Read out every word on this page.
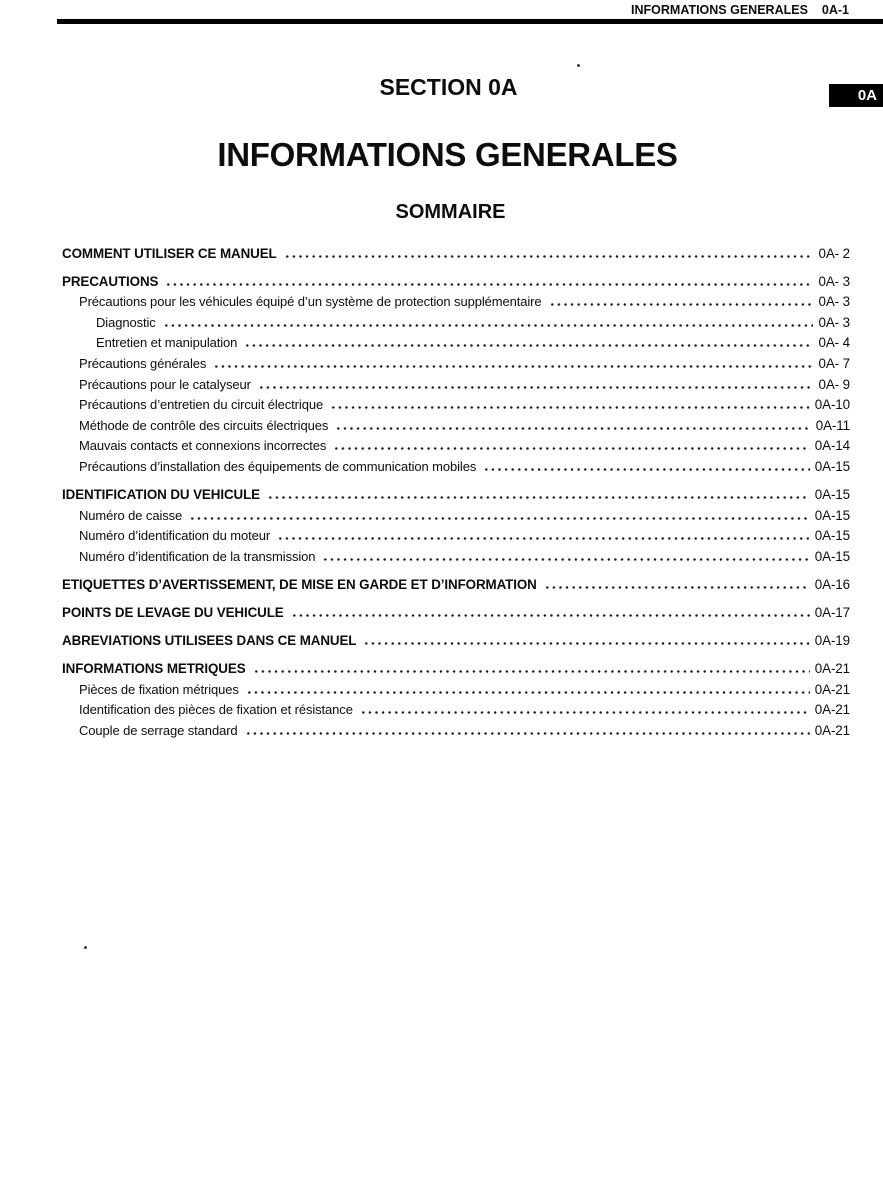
INFORMATIONS GENERALES 0A-1
SECTION 0A	0A
INFORMATIONS GENERALES
SOMMAIRE
COMMENT UTILISER CE MANUEL	0A- 2
PRECAUTIONS	0A- 3
Précautions pour les véhicules équipé d’un système de protection supplémentaire	0A- 3
Diagnostic	0A- 3
Entretien et manipulation	0A- 4
Précautions générales	0A- 7
Précautions pour le catalyseur	0A- 9
Précautions d’entretien du circuit électrique	0A-10
Méthode de contrôle des circuits électriques	0A-11
Mauvais contacts et connexions incorrectes	0A-14
Précautions d’installation des équipements de communication mobiles	0A-15
IDENTIFICATION DU VEHICULE	0A-15
Numéro de caisse	0A-15
Numéro d’identification du moteur	0A-15
Numéro d’identification de la transmission	0A-15
ETIQUETTES D’AVERTISSEMENT, DE MISE EN GARDE ET D’INFORMATION	0A-16
POINTS DE LEVAGE DU VEHICULE	0A-17
ABREVIATIONS UTILISEES DANS CE MANUEL	0A-19
INFORMATIONS METRIQUES	0A-21
Pièces de fixation métriques	0A-21
Identification des pièces de fixation et résistance	0A-21
Couple de serrage standard	0A-21
